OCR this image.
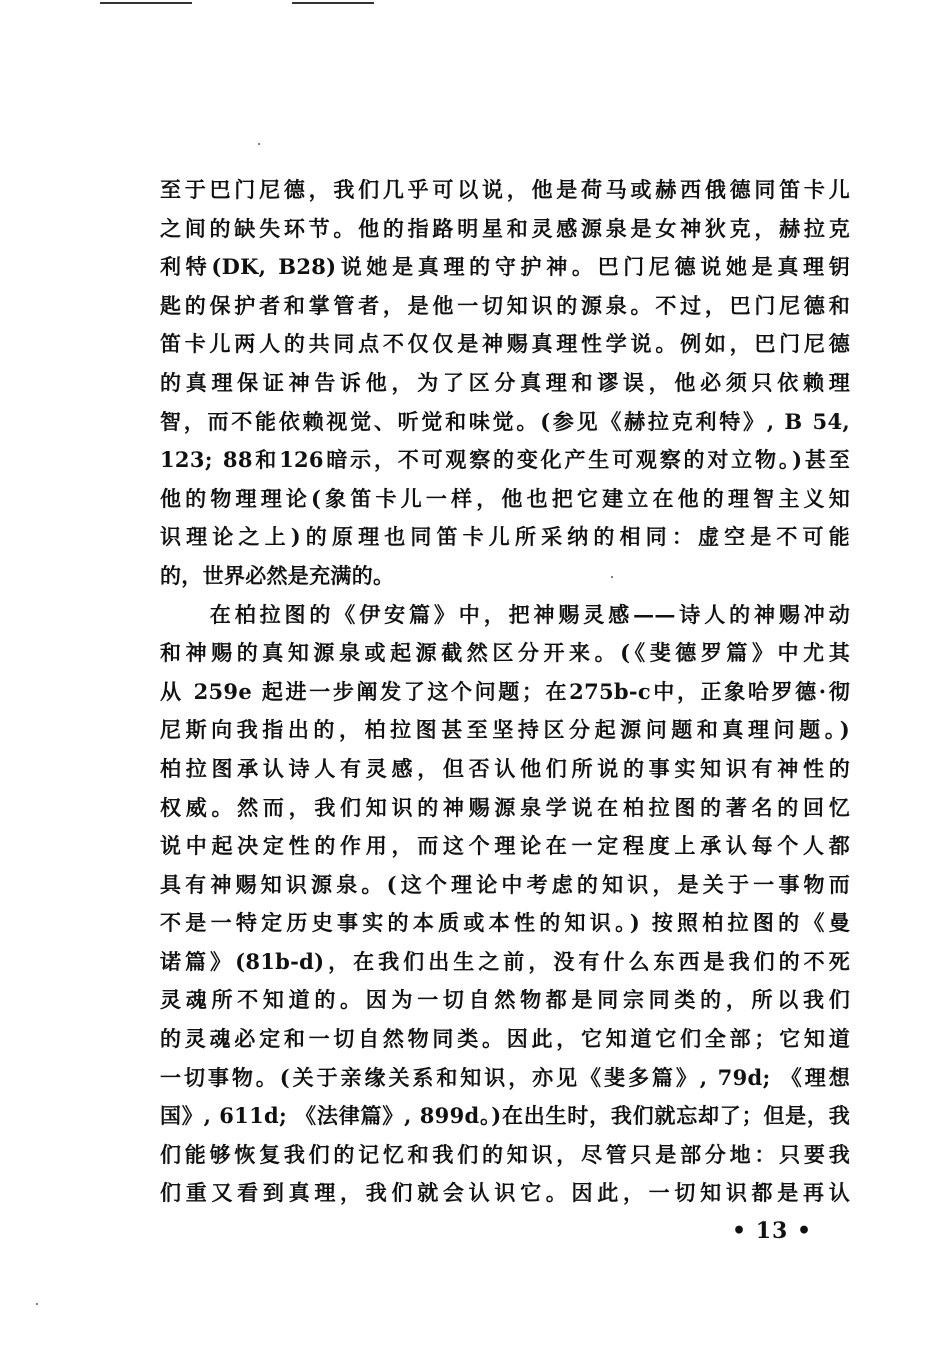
至于巴门尼德，我们几乎可以说，他是荷马或赫西俄德同笛卡儿
之间的缺失环节。他的指路明星和灵感源泉是女神狄克，赫拉克
利特(DK, B28)说她是真理的守护神。巴门尼德说她是真理钥
匙的保护者和掌管者，是他一切知识的源泉。不过，巴门尼德和
笛卡儿两人的共同点不仅仅是神赐真理性学说。例如，巴门尼德
的真理保证神告诉他，为了区分真理和谬误，他必须只依赖理
智，而不能依赖视觉、听觉和味觉。(参见《赫拉克利特》, B 54,
123; 88和126暗示，不可观察的变化产生可观察的对立物。)甚至
他的物理理论(象笛卡儿一样，他也把它建立在他的理智主义知
识理论之上)的原理也同笛卡儿所采纳的相同：虚空是不可能
的，世界必然是充满的。
　　在柏拉图的《伊安篇》中，把神赐灵感——诗人的神赐冲动
和神赐的真知源泉或起源截然区分开来。(《斐德罗篇》中尤其
从 259e 起进一步阐发了这个问题；在275b-c中，正象哈罗德·彻
尼斯向我指出的，柏拉图甚至坚持区分起源问题和真理问题。)
柏拉图承认诗人有灵感，但否认他们所说的事实知识有神性的
权威。然而，我们知识的神赐源泉学说在柏拉图的著名的回忆
说中起决定性的作用，而这个理论在一定程度上承认每个人都
具有神赐知识源泉。(这个理论中考虑的知识，是关于一事物而
不是一特定历史事实的本质或本性的知识。) 按照柏拉图的《曼
诺篇》(81b-d)，在我们出生之前，没有什么东西是我们的不死
灵魂所不知道的。因为一切自然物都是同宗同类的，所以我们
的灵魂必定和一切自然物同类。因此，它知道它们全部；它知道
一切事物。(关于亲缘关系和知识，亦见《斐多篇》, 79d; 《理想
国》, 611d; 《法律篇》, 899d。)在出生时，我们就忘却了；但是，我
们能够恢复我们的记忆和我们的知识，尽管只是部分地：只要我
们重又看到真理，我们就会认识它。因此，一切知识都是再认
• 13 •
